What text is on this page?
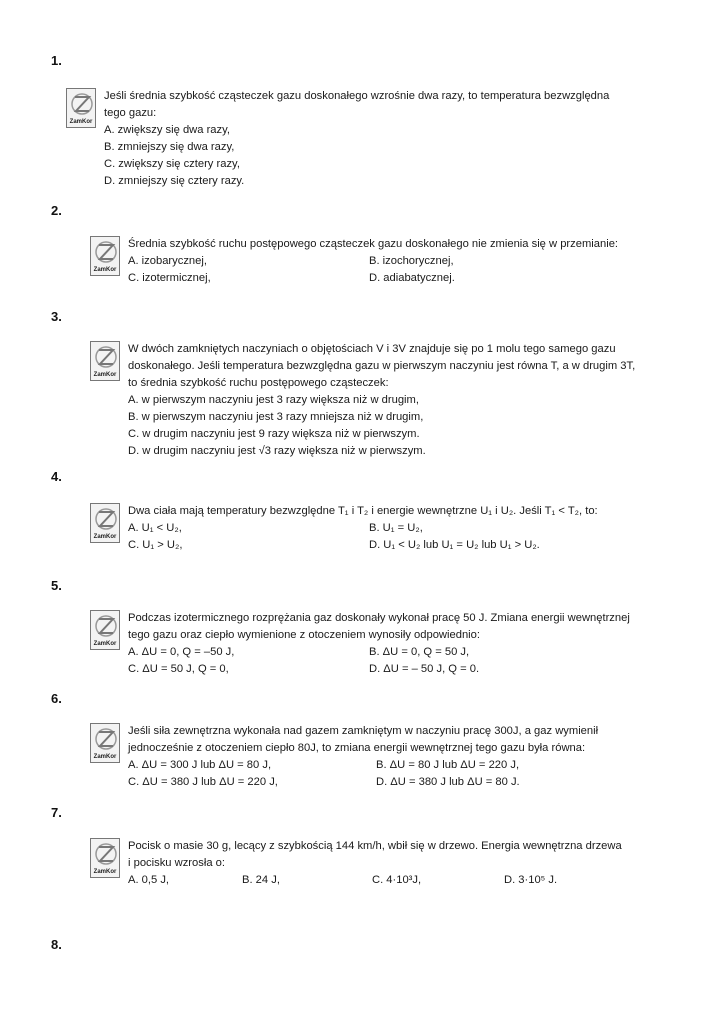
1.
ZamKor
Jeśli średnia szybkość cząsteczek gazu doskonałego wzrośnie dwa razy, to temperatura bezwzględna
tego gazu:
A. zwiększy się dwa razy,
B. zmniejszy się dwa razy,
C. zwiększy się cztery razy,
D. zmniejszy się cztery razy.
2.
ZamKor
Średnia szybkość ruchu postępowego cząsteczek gazu doskonałego nie zmienia się w przemianie:
A. izobarycznej,	B. izochorycznej,
C. izotermicznej,	D. adiabatycznej.
3.
ZamKor
W dwóch zamkniętych naczyniach o objętościach V i 3V znajduje się po 1 molu tego samego gazu
doskonałego. Jeśli temperatura bezwzględna gazu w pierwszym naczyniu jest równa T, a w drugim 3T,
to średnia szybkość ruchu postępowego cząsteczek:
A. w pierwszym naczyniu jest 3 razy większa niż w drugim,
B. w pierwszym naczyniu jest 3 razy mniejsza niż w drugim,
C. w drugim naczyniu jest 9 razy większa niż w pierwszym.
D. w drugim naczyniu jest √3 razy większa niż w pierwszym.
4.
ZamKor
Dwa ciała mają temperatury bezwzględne T₁ i T₂ i energie wewnętrzne U₁ i U₂. Jeśli T₁ < T₂, to:
A. U₁ < U₂,	B. U₁ = U₂,
C. U₁ > U₂,	D. U₁ < U₂ lub U₁ = U₂ lub U₁ > U₂.
5.
ZamKor
Podczas izotermicznego rozprężania gaz doskonały wykonał pracę 50 J. Zmiana energii wewnętrznej
tego gazu oraz ciepło wymienione z otoczeniem wynosiły odpowiednio:
A. ΔU = 0, Q = –50 J,	B. ΔU = 0, Q = 50 J,
C. ΔU = 50 J, Q = 0,	D. ΔU = – 50 J, Q = 0.
6.
ZamKor
Jeśli siła zewnętrzna wykonała nad gazem zamkniętym w naczyniu pracę 300J, a gaz wymienił
jednocześnie z otoczeniem ciepło 80J, to zmiana energii wewnętrznej tego gazu była równa:
A. ΔU = 300 J lub ΔU = 80 J,	B. ΔU = 80 J lub ΔU = 220 J,
C. ΔU = 380 J lub ΔU = 220 J,	D. ΔU = 380 J lub ΔU = 80 J.
7.
ZamKor
Pocisk o masie 30 g, lecący z szybkością 144 km/h, wbił się w drzewo. Energia wewnętrzna drzewa
i pocisku wzrosła o:
A. 0,5 J,	B. 24 J,	C. 4·10³J,	D. 3·10⁵ J.
8.
